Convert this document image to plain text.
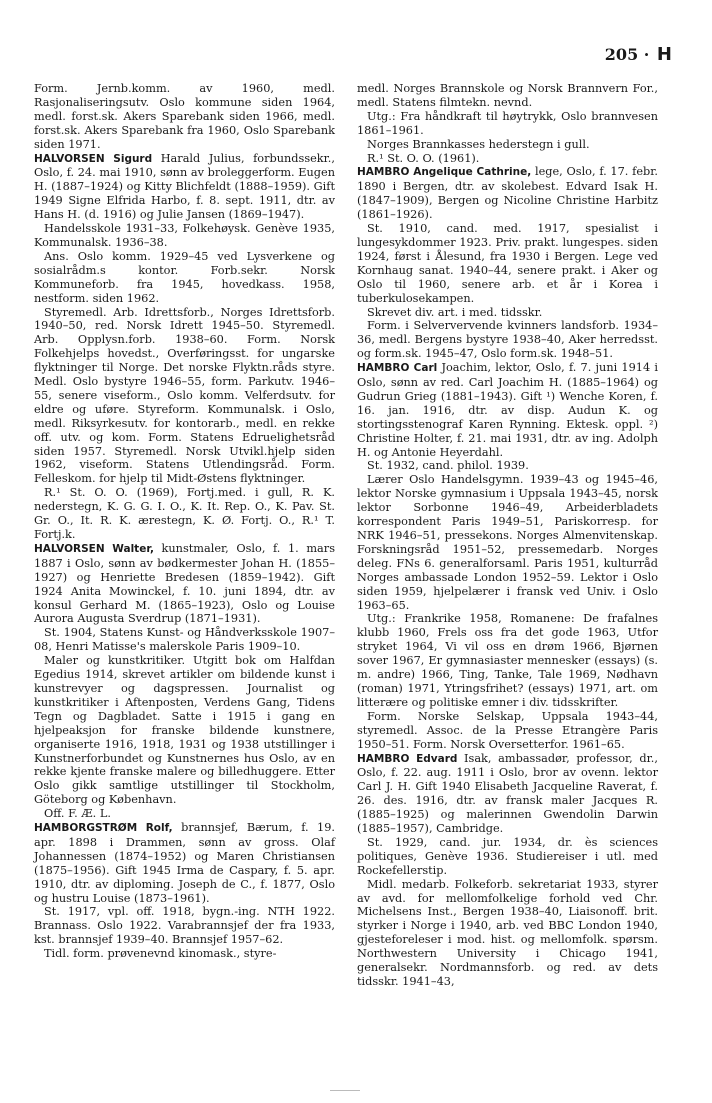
205 · H

Form. Jernb.komm. av 1960, medl. Rasjonaliseringsutv. Oslo kommune siden 1964, medl. forst.sk. Akers Sparebank siden 1966, medl. forst.sk. Akers Sparebank fra 1960, Oslo Sparebank siden 1971.

HALVORSEN Sigurd Harald Julius, forbundssekr., Oslo, f. 24. mai 1910, sønn av broleggerform. Eugen H. (1887–1924) og Kitty Blichfeldt (1888–1959). Gift 1949 Signe Elfrida Harbo, f. 8. sept. 1911, dtr. av Hans H. (d. 1916) og Julie Jansen (1869–1947).

Handelsskole 1931–33, Folkehøysk. Genève 1935, Kommunalsk. 1936–38.

Ans. Oslo komm. 1929–45 ved Lysverkene og sosialrådm.s kontor. Forb.sekr. Norsk Kommuneforb. fra 1945, hovedkass. 1958, nestform. siden 1962.

Styremedl. Arb. Idrettsforb., Norges Idrettsforb. 1940–50, red. Norsk Idrett 1945–50. Styremedl. Arb. Opplysn.forb. 1938–60. Form. Norsk Folkehjelps hovedst., Overføringsst. for ungarske flyktninger til Norge. Det norske Flyktn.råds styre. Medl. Oslo bystyre 1946–55, form. Parkutv. 1946–55, senere viseform., Oslo komm. Velferdsutv. for eldre og uføre. Styreform. Kommunalsk. i Oslo, medl. Riksyrkesutv. for kontorarb., medl. en rekke off. utv. og kom. Form. Statens Edruelighetsråd siden 1957. Styremedl. Norsk Utvikl.hjelp siden 1962, viseform. Statens Utlendingsråd. Form. Felleskom. for hjelp til Midt-Østens flyktninger.

R.¹ St. O. O. (1969), Fortj.med. i gull, R. K. nederstegn, K. G. G. I. O., K. It. Rep. O., K. Pav. St. Gr. O., It. R. K. ærestegn, K. Ø. Fortj. O., R.¹ T. Fortj.k.

HALVORSEN Walter, kunstmaler, Oslo, f. 1. mars 1887 i Oslo, sønn av bødkermester Johan H. (1855–1927) og Henriette Bredesen (1859–1942). Gift 1924 Anita Mowinckel, f. 10. juni 1894, dtr. av konsul Gerhard M. (1865–1923), Oslo og Louise Aurora Augusta Sverdrup (1871–1931).

St. 1904, Statens Kunst- og Håndverksskole 1907–08, Henri Matisse's malerskole Paris 1909–10.

Maler og kunstkritiker. Utgitt bok om Halfdan Egedius 1914, skrevet artikler om bildende kunst i kunstrevyer og dagspressen. Journalist og kunstkritiker i Aftenposten, Verdens Gang, Tidens Tegn og Dagbladet. Satte i 1915 i gang en hjelpeaksjon for franske bildende kunstnere, organiserte 1916, 1918, 1931 og 1938 utstillinger i Kunstnerforbundet og Kunstnernes hus Oslo, av en rekke kjente franske malere og billedhuggere. Etter Oslo gikk samtlige utstillinger til Stockholm, Göteborg og København.

Off. F. Æ. L.

HAMBORGSTRØM Rolf, brannsjef, Bærum, f. 19. apr. 1898 i Drammen, sønn av gross. Olaf Johannessen (1874–1952) og Maren Christiansen (1875–1956). Gift 1945 Irma de Caspary, f. 5. apr. 1910, dtr. av diploming. Joseph de C., f. 1877, Oslo og hustru Louise (1873–1961).

St. 1917, vpl. off. 1918, bygn.-ing. NTH 1922. Brannass. Oslo 1922. Varabrannsjef der fra 1933, kst. brannsjef 1939–40. Brannsjef 1957–62.

Tidl. form. prøvenevnd kinomask., styre-

medl. Norges Brannskole og Norsk Brannvern For., medl. Statens filmtekn. nevnd.

Utg.: Fra håndkraft til høytrykk, Oslo brannvesen 1861–1961.

Norges Brannkasses hederstegn i gull.

R.¹ St. O. O. (1961).

HAMBRO Angelique Cathrine, lege, Oslo, f. 17. febr. 1890 i Bergen, dtr. av skolebest. Edvard Isak H. (1847–1909), Bergen og Nicoline Christine Harbitz (1861–1926).

St. 1910, cand. med. 1917, spesialist i lungesykdommer 1923. Priv. prakt. lungespes. siden 1924, først i Ålesund, fra 1930 i Bergen. Lege ved Kornhaug sanat. 1940–44, senere prakt. i Aker og Oslo til 1960, senere arb. et år i Korea i tuberkulosekampen.

Skrevet div. art. i med. tidsskr.

Form. i Selververvende kvinners landsforb. 1934–36, medl. Bergens bystyre 1938–40, Aker herredsst. og form.sk. 1945–47, Oslo form.sk. 1948–51.

HAMBRO Carl Joachim, lektor, Oslo, f. 7. juni 1914 i Oslo, sønn av red. Carl Joachim H. (1885–1964) og Gudrun Grieg (1881–1943). Gift ¹) Wenche Koren, f. 16. jan. 1916, dtr. av disp. Audun K. og stortingsstenograf Karen Rynning. Ektesk. oppl. ²) Christine Holter, f. 21. mai 1931, dtr. av ing. Adolph H. og Antonie Heyerdahl.

St. 1932, cand. philol. 1939.

Lærer Oslo Handelsgymn. 1939–43 og 1945–46, lektor Norske gymnasium i Uppsala 1943–45, norsk lektor Sorbonne 1946–49, Arbeiderbladets korrespondent Paris 1949–51, Pariskorresp. for NRK 1946–51, pressekons. Norges Almenvitenskap. Forskningsråd 1951–52, pressemedarb. Norges deleg. FNs 6. generalforsaml. Paris 1951, kulturråd Norges ambassade London 1952–59. Lektor i Oslo siden 1959, hjelpelærer i fransk ved Univ. i Oslo 1963–65.

Utg.: Frankrike 1958, Romanene: De frafalnes klubb 1960, Frels oss fra det gode 1963, Utfor stryket 1964, Vi vil oss en drøm 1966, Bjørnen sover 1967, Er gymnasiaster mennesker (essays) (s. m. andre) 1966, Ting, Tanke, Tale 1969, Nødhavn (roman) 1971, Ytringsfrihet? (essays) 1971, art. om litterære og politiske emner i div. tidsskrifter.

Form. Norske Selskap, Uppsala 1943–44, styremedl. Assoc. de la Presse Etrangère Paris 1950–51. Form. Norsk Oversetterfor. 1961–65.

HAMBRO Edvard Isak, ambassadør, professor, dr., Oslo, f. 22. aug. 1911 i Oslo, bror av ovenn. lektor Carl J. H. Gift 1940 Elisabeth Jacqueline Raverat, f. 26. des. 1916, dtr. av fransk maler Jacques R. (1885–1925) og malerinnen Gwendolin Darwin (1885–1957), Cambridge.

St. 1929, cand. jur. 1934, dr. ès sciences politiques, Genève 1936. Studiereiser i utl. med Rockefellerstip.

Midl. medarb. Folkeforb. sekretariat 1933, styrer av avd. for mellomfolkelige forhold ved Chr. Michelsens Inst., Bergen 1938–40, Liaisonoff. brit. styrker i Norge i 1940, arb. ved BBC London 1940, gjesteforeleser i mod. hist. og mellomfolk. spørsm. Northwestern University i Chicago 1941, generalsekr. Nordmannsforb. og red. av dets tidsskr. 1941–43,
